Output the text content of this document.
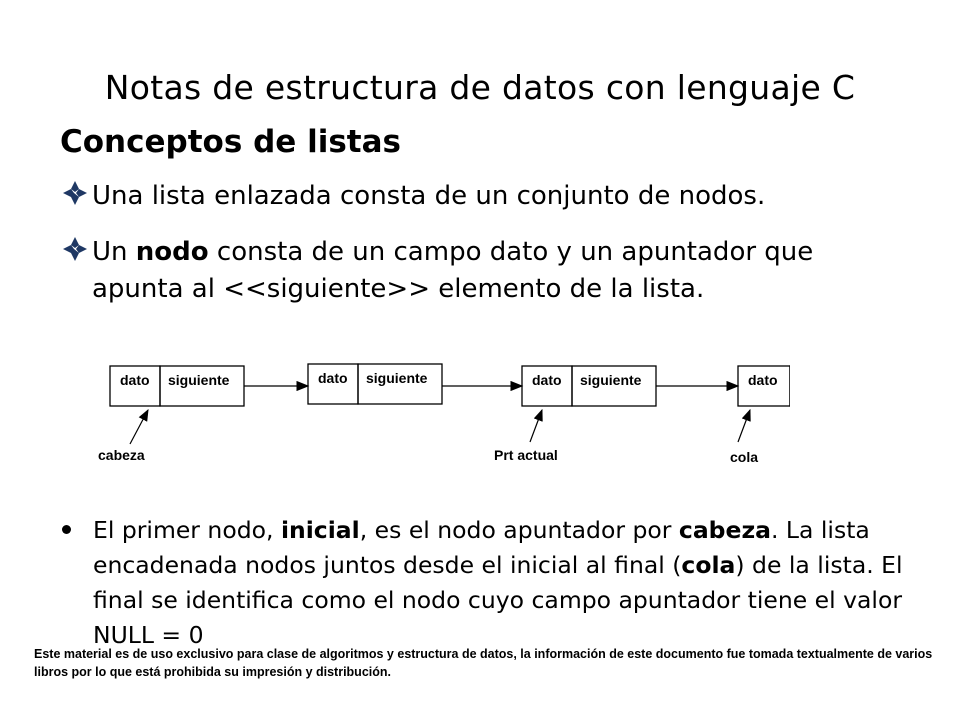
Notas de estructura de datos con lenguaje C
Conceptos de listas
Una lista enlazada consta de un conjunto de nodos.
Un nodo consta de un campo dato y un apuntador que apunta al <<siguiente>> elemento de la lista.
dato siguiente	dato siguiente	dato siguiente	dato
cabeza	Prt actual	cola
El primer nodo, inicial, es el nodo apuntador por cabeza. La lista encadenada nodos juntos desde el inicial al final (cola) de la lista. El final se identifica como el nodo cuyo campo apuntador tiene el valor NULL = 0
Este material es de uso exclusivo para clase de algoritmos y estructura de datos, la información de este documento fue tomada textualmente de varios libros por lo que está prohibida su impresión y distribución.
